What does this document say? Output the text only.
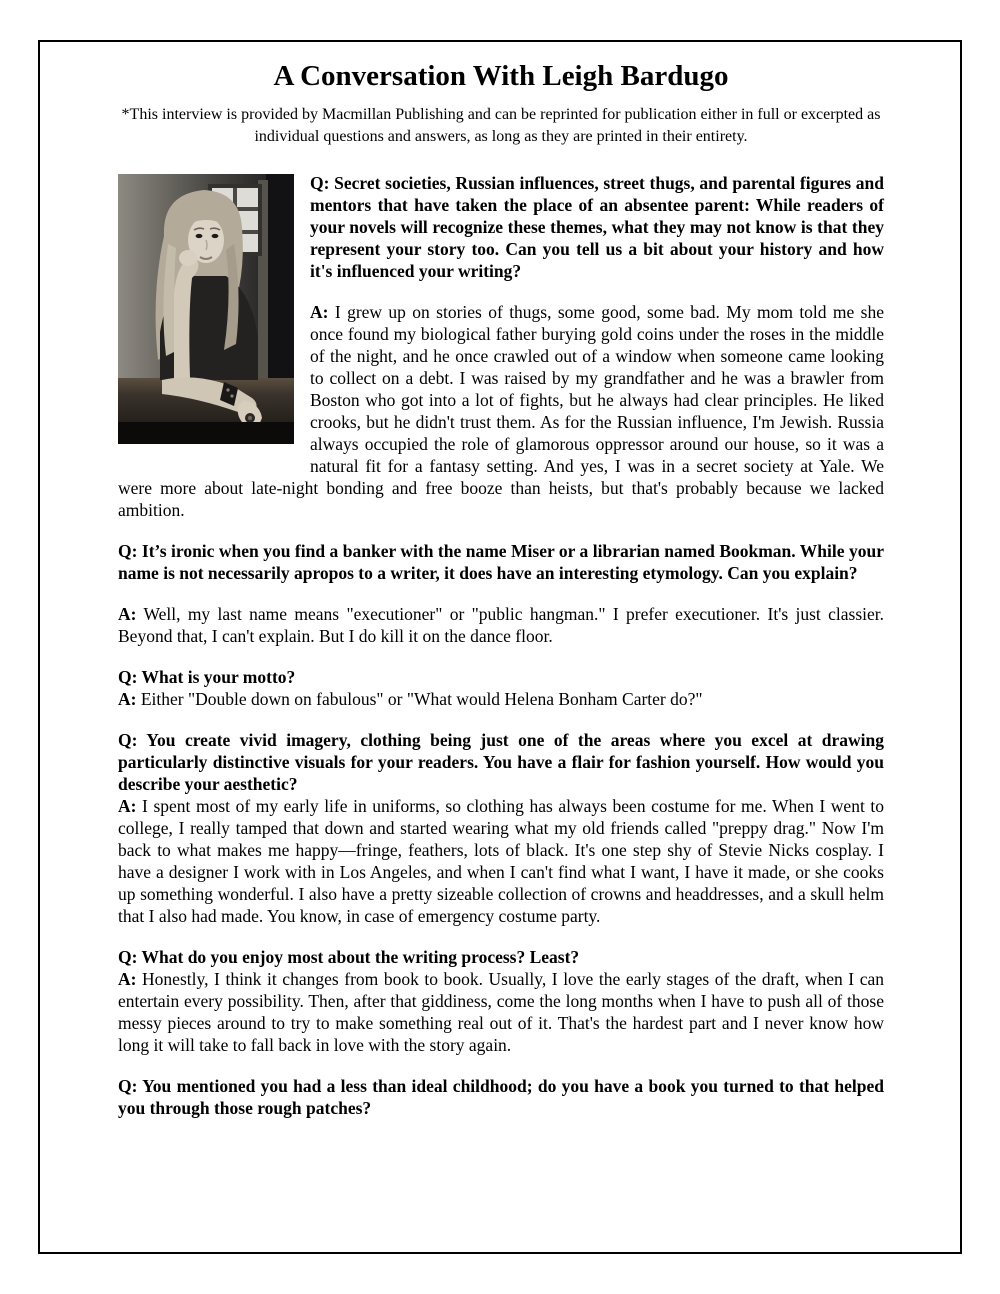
A Conversation With Leigh Bardugo

*This interview is provided by Macmillan Publishing and can be reprinted for publication either in full or excerpted as individual questions and answers, as long as they are printed in their entirety.

Q: Secret societies, Russian influences, street thugs, and parental figures and mentors that have taken the place of an absentee parent: While readers of your novels will recognize these themes, what they may not know is that they represent your story too. Can you tell us a bit about your history and how it's influenced your writing?

A: I grew up on stories of thugs, some good, some bad. My mom told me she once found my biological father burying gold coins under the roses in the middle of the night, and he once crawled out of a window when someone came looking to collect on a debt. I was raised by my grandfather and he was a brawler from Boston who got into a lot of fights, but he always had clear principles. He liked crooks, but he didn't trust them. As for the Russian influence, I'm Jewish. Russia always occupied the role of glamorous oppressor around our house, so it was a natural fit for a fantasy setting. And yes, I was in a secret society at Yale. We were more about late-night bonding and free booze than heists, but that's probably because we lacked ambition.

Q: It’s ironic when you find a banker with the name Miser or a librarian named Bookman. While your name is not necessarily apropos to a writer, it does have an interesting etymology. Can you explain?

A: Well, my last name means "executioner" or "public hangman." I prefer executioner. It's just classier. Beyond that, I can't explain. But I do kill it on the dance floor.

Q: What is your motto?

A: Either "Double down on fabulous" or "What would Helena Bonham Carter do?"

Q: You create vivid imagery, clothing being just one of the areas where you excel at drawing particularly distinctive visuals for your readers. You have a flair for fashion yourself. How would you describe your aesthetic?

A: I spent most of my early life in uniforms, so clothing has always been costume for me. When I went to college, I really tamped that down and started wearing what my old friends called "preppy drag." Now I'm back to what makes me happy—fringe, feathers, lots of black. It's one step shy of Stevie Nicks cosplay. I have a designer I work with in Los Angeles, and when I can't find what I want, I have it made, or she cooks up something wonderful. I also have a pretty sizeable collection of crowns and headdresses, and a skull helm that I also had made. You know, in case of emergency costume party.

Q: What do you enjoy most about the writing process? Least?

A: Honestly, I think it changes from book to book. Usually, I love the early stages of the draft, when I can entertain every possibility. Then, after that giddiness, come the long months when I have to push all of those messy pieces around to try to make something real out of it. That's the hardest part and I never know how long it will take to fall back in love with the story again.

Q: You mentioned you had a less than ideal childhood; do you have a book you turned to that helped you through those rough patches?
